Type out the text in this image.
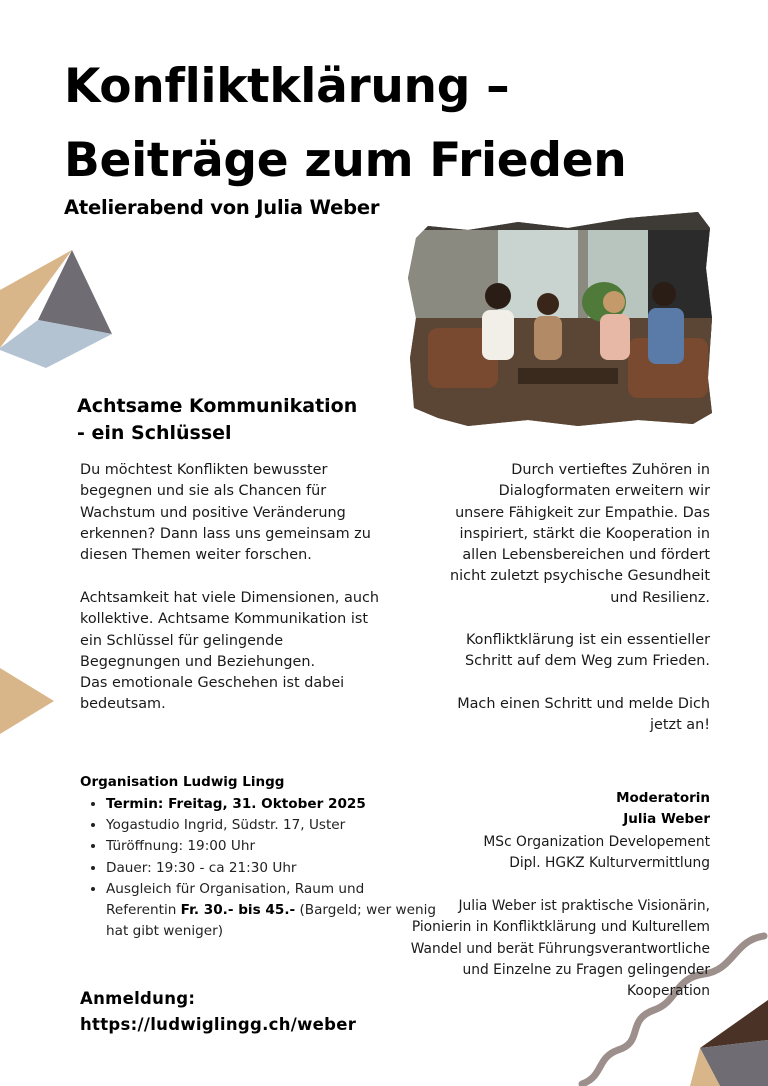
Konfliktklärung –
Beiträge zum Frieden
Atelierabend von Julia Weber
Achtsame Kommunikation
- ein Schlüssel
Du möchtest Konflikten bewusster
begegnen und sie als Chancen für
Wachstum und positive Veränderung
erkennen? Dann lass uns gemeinsam zu
diesen Themen weiter forschen.
Achtsamkeit hat viele Dimensionen, auch
kollektive. Achtsame Kommunikation ist
ein Schlüssel für gelingende
Begegnungen und Beziehungen.
Das emotionale Geschehen ist dabei
bedeutsam.
Durch vertieftes Zuhören in
Dialogformaten erweitern wir
unsere Fähigkeit zur Empathie. Das
inspiriert, stärkt die Kooperation in
allen Lebensbereichen und fördert
nicht zuletzt psychische Gesundheit
und Resilienz.
Konfliktklärung ist ein essentieller
Schritt auf dem Weg zum Frieden.
Mach einen Schritt und melde Dich
jetzt an!
Organisation Ludwig Lingg
• Termin: Freitag, 31. Oktober 2025
• Yogastudio Ingrid, Südstr. 17, Uster
• Türöffnung: 19:00 Uhr
• Dauer: 19:30 - ca 21:30 Uhr
• Ausgleich für Organisation, Raum und Referentin Fr. 30.- bis 45.- (Bargeld; wer wenig hat gibt weniger)
Moderatorin
Julia Weber
MSc Organization Developement
Dipl. HGKZ Kulturvermittlung
Julia Weber ist praktische Visionärin,
Pionierin in Konfliktklärung und Kulturellem
Wandel und berät Führungsverantwortliche
und Einzelne zu Fragen gelingender
Kooperation
Anmeldung:
https://ludwiglingg.ch/weber
